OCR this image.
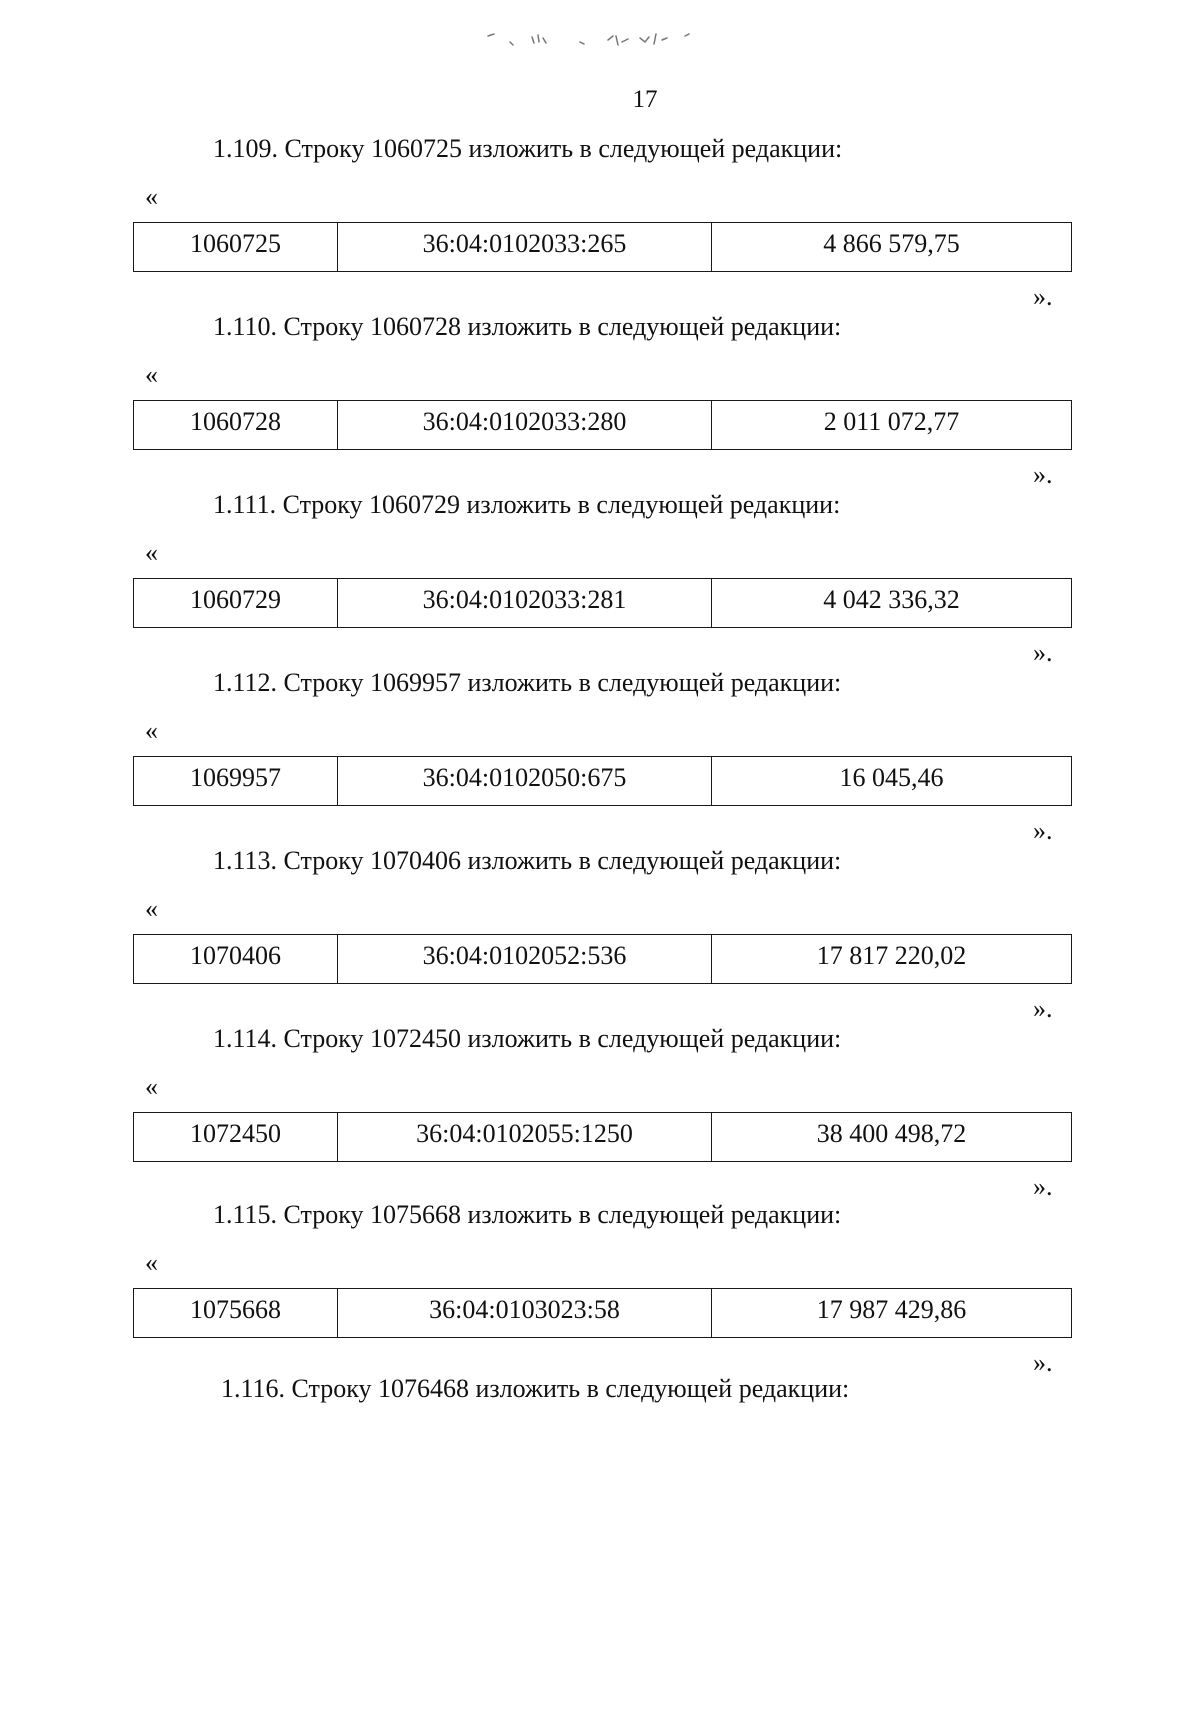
17
1.109. Строку 1060725 изложить в следующей редакции:
«
1060725	36:04:0102033:265	4 866 579,75
».
1.110. Строку 1060728 изложить в следующей редакции:
«
1060728	36:04:0102033:280	2 011 072,77
».
1.111. Строку 1060729 изложить в следующей редакции:
«
1060729	36:04:0102033:281	4 042 336,32
».
1.112. Строку 1069957 изложить в следующей редакции:
«
1069957	36:04:0102050:675	16 045,46
».
1.113. Строку 1070406 изложить в следующей редакции:
«
1070406	36:04:0102052:536	17 817 220,02
».
1.114. Строку 1072450 изложить в следующей редакции:
«
1072450	36:04:0102055:1250	38 400 498,72
».
1.115. Строку 1075668 изложить в следующей редакции:
«
1075668	36:04:0103023:58	17 987 429,86
».
1.116. Строку 1076468 изложить в следующей редакции:
